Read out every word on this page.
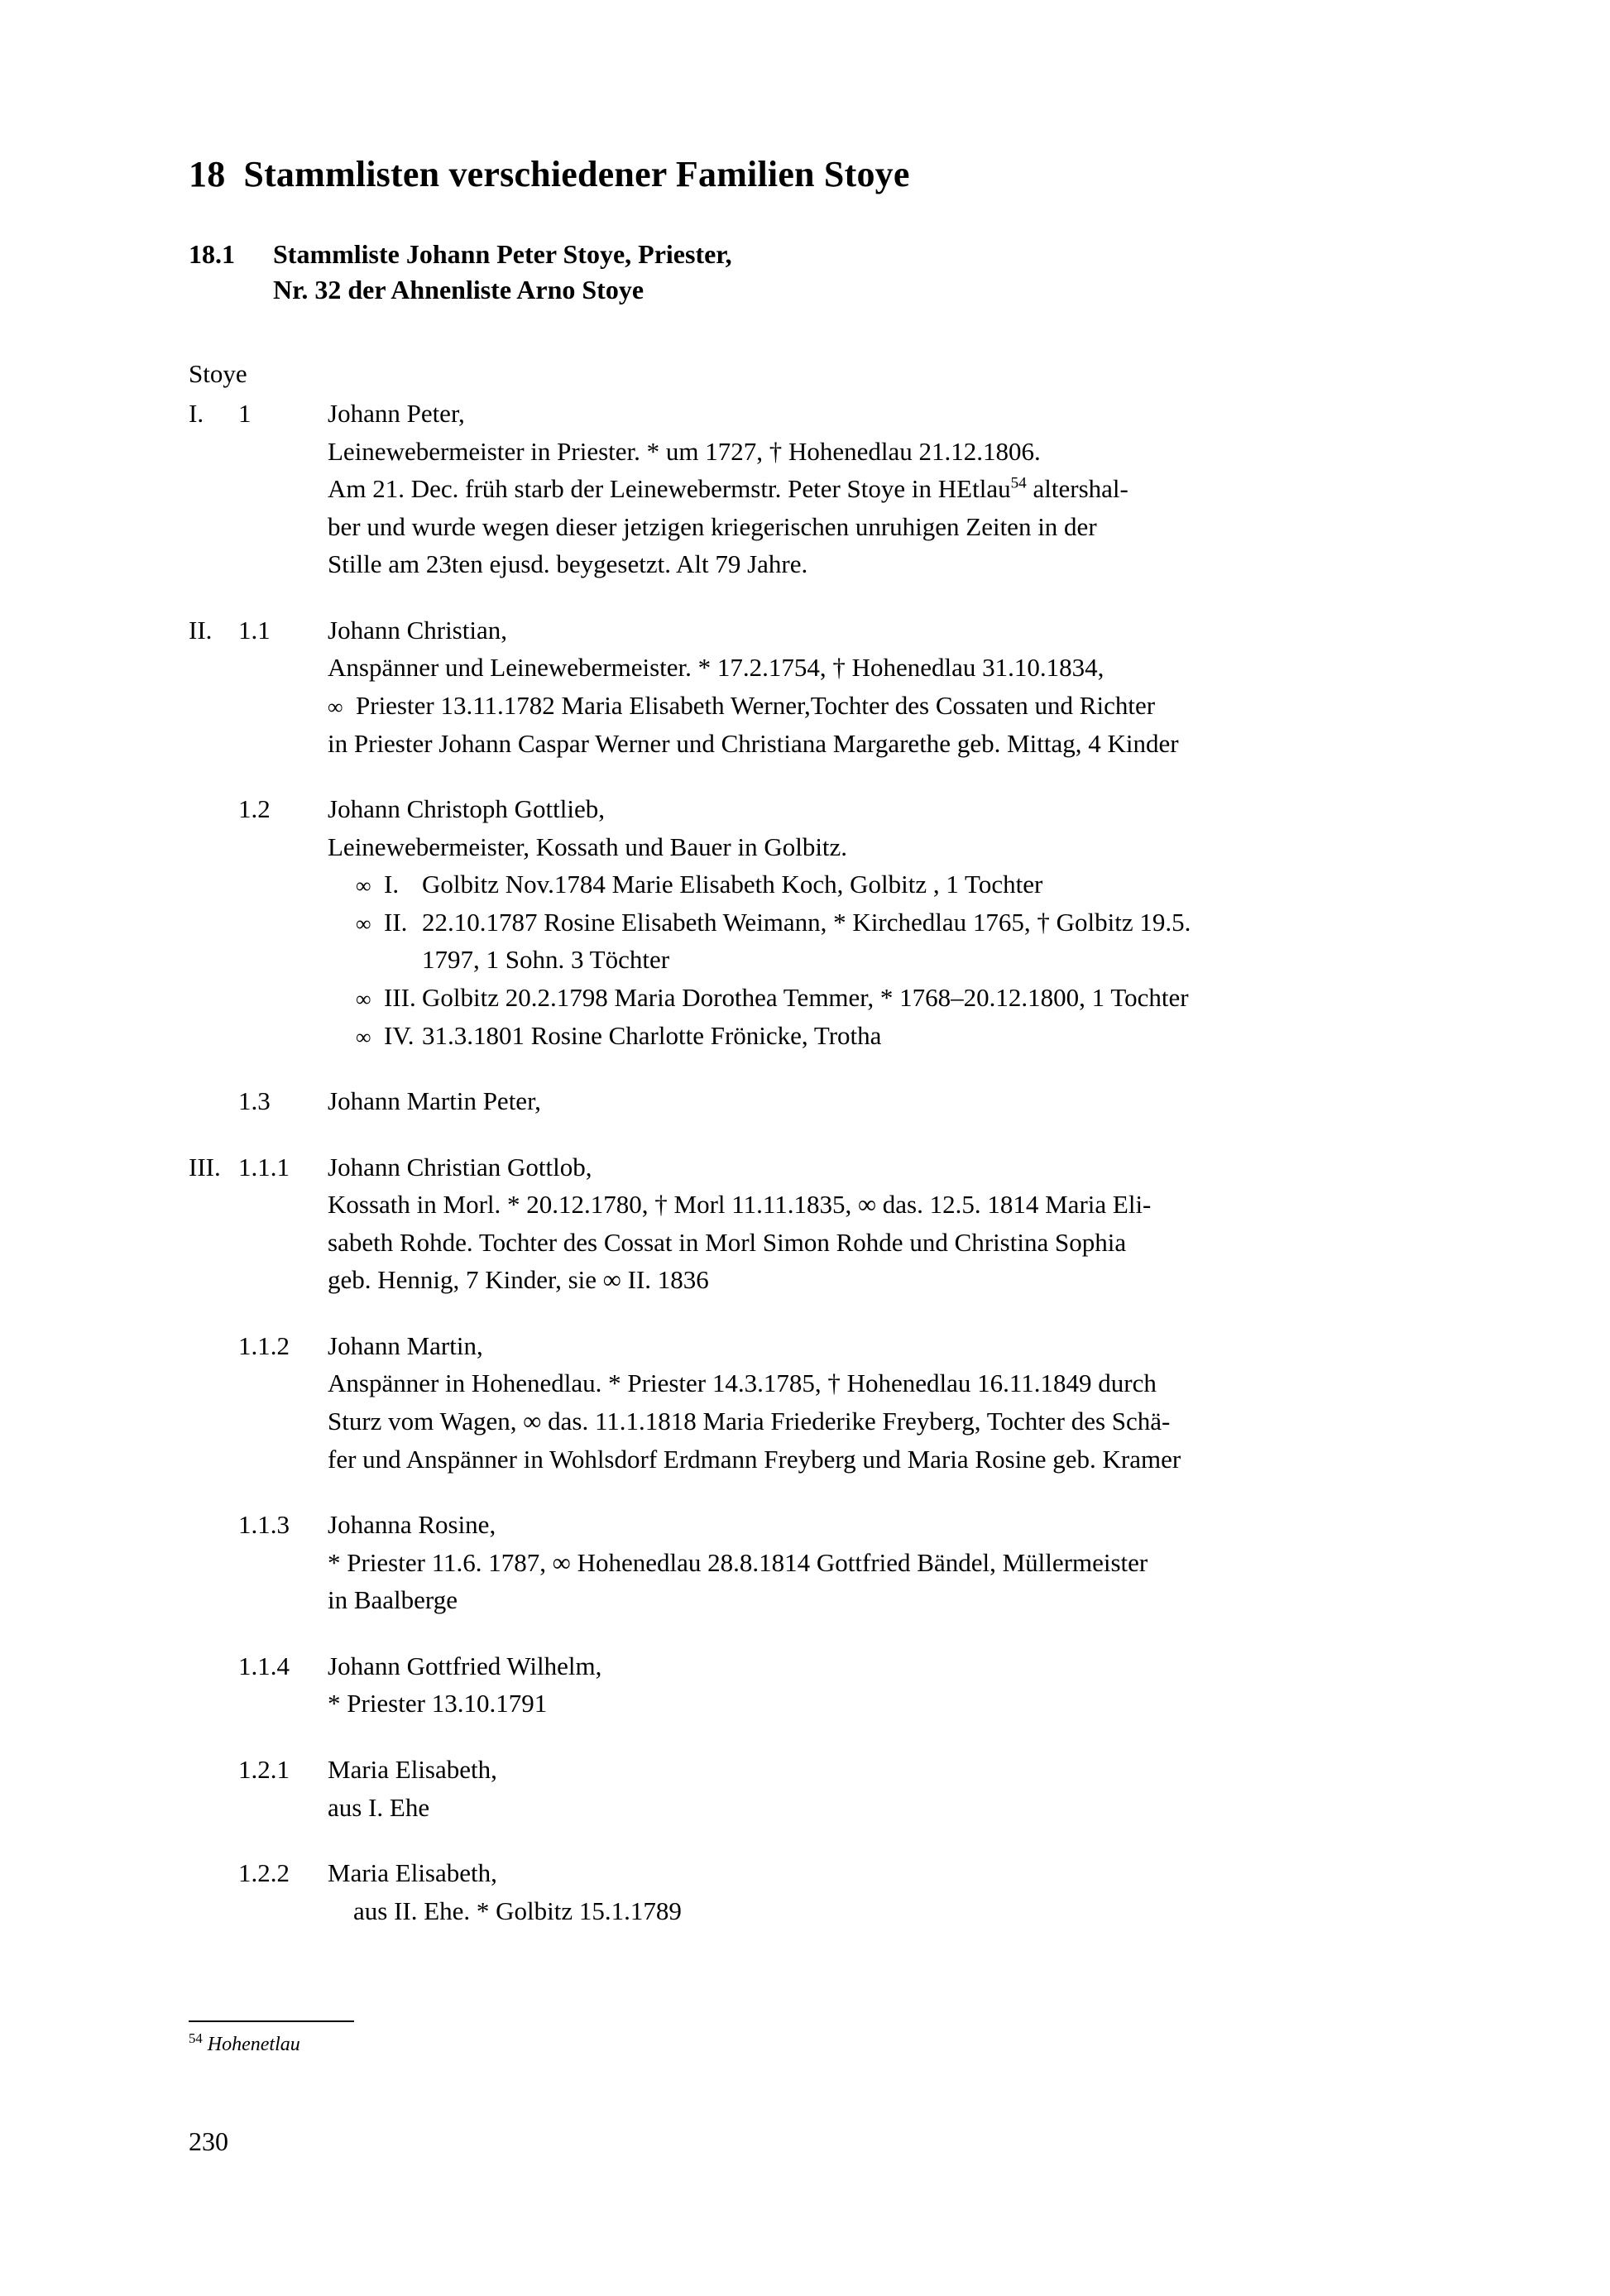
18 Stammlisten verschiedener Familien Stoye
18.1 Stammliste Johann Peter Stoye, Priester,
Nr. 32 der Ahnenliste Arno Stoye

Stoye

I.	1	Johann Peter,
Leinewebermeister in Priester. * um 1727, † Hohenedlau 21.12.1806.
Am 21. Dec. früh starb der Leinewebermstr. Peter Stoye in HEtlau$^{54}$ altershal-
ber und wurde wegen dieser jetzigen kriegerischen unruhigen Zeiten in der
Stille am 23ten ejusd. beygesetzt. Alt 79 Jahre.
II.	1.1	Johann Christian,
Anspänner und Leinewebermeister. * 17.2.1754, † Hohenedlau 31.10.1834,
∞ Priester 13.11.1782 Maria Elisabeth Werner,Tochter des Cossaten und Richter
in Priester Johann Caspar Werner und Christiana Margarethe geb. Mittag, 4 Kinder
1.2	Johann Christoph Gottlieb,
Leinewebermeister, Kossath und Bauer in Golbitz.
∞ I. Golbitz Nov.1784 Marie Elisabeth Koch, Golbitz , 1 Tochter
∞ II. 22.10.1787 Rosine Elisabeth Weimann, * Kirchedlau 1765, † Golbitz 19.5.
1797, 1 Sohn. 3 Töchter
∞ III. Golbitz 20.2.1798 Maria Dorothea Temmer, * 1768–20.12.1800, 1 Tochter
∞ IV. 31.3.1801 Rosine Charlotte Frönicke, Trotha
1.3	Johann Martin Peter,
III. 1.1.1	Johann Christian Gottlob,
Kossath in Morl. * 20.12.1780, † Morl 11.11.1835, ∞ das. 12.5. 1814 Maria Eli-
sabeth Rohde. Tochter des Cossat in Morl Simon Rohde und Christina Sophia
geb. Hennig, 7 Kinder, sie ∞ II. 1836
1.1.2	Johann Martin,
Anspänner in Hohenedlau. * Priester 14.3.1785, † Hohenedlau 16.11.1849 durch
Sturz vom Wagen, ∞ das. 11.1.1818 Maria Friederike Freyberg, Tochter des Schä-
fer und Anspänner in Wohlsdorf Erdmann Freyberg und Maria Rosine geb. Kramer
1.1.3	Johanna Rosine,
* Priester 11.6. 1787, ∞ Hohenedlau 28.8.1814 Gottfried Bändel, Müllermeister
in Baalberge
1.1.4	Johann Gottfried Wilhelm,
* Priester 13.10.1791
1.2.1	Maria Elisabeth,
aus I. Ehe
1.2.2	Maria Elisabeth,
aus II. Ehe. * Golbitz 15.1.1789
$^{54}$ Hohenetlau
230
